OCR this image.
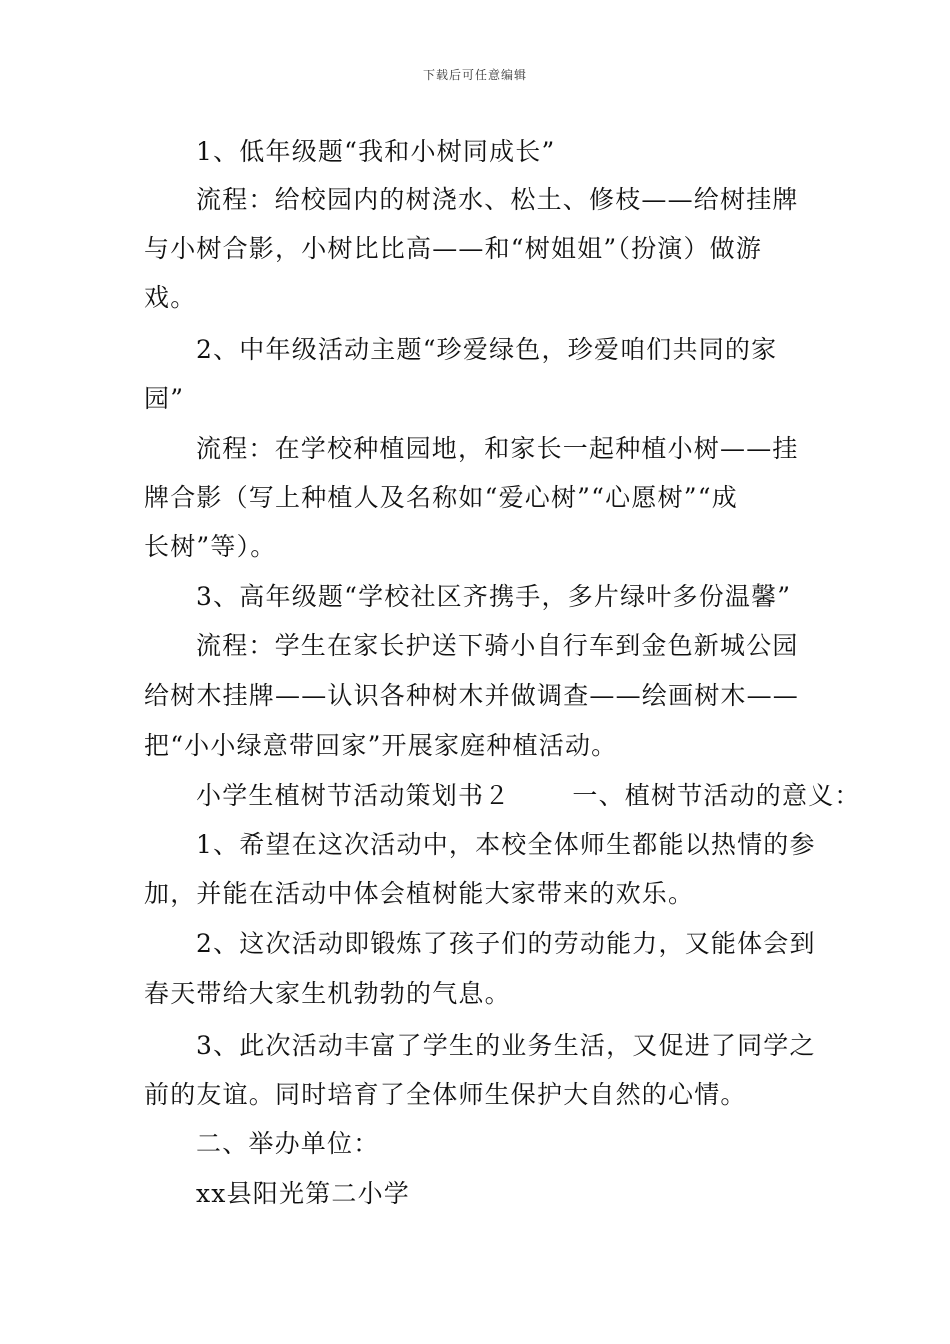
下载后可任意编辑
1、低年级题“我和小树同成长”
流程：给校园内的树浇水、松土、修枝——给树挂牌
与小树合影，小树比比高——和“树姐姐”（扮演）做游
戏。
2、中年级活动主题“珍爱绿色，珍爱咱们共同的家
园”
流程：在学校种植园地，和家长一起种植小树——挂
牌合影（写上种植人及名称如“爱心树”“心愿树”“成
长树”等）。
3、高年级题“学校社区齐携手，多片绿叶多份温馨”
流程：学生在家长护送下骑小自行车到金色新城公园
给树木挂牌——认识各种树木并做调查——绘画树木——
把“小小绿意带回家”开展家庭种植活动。
小学生植树节活动策划书２ 一、植树节活动的意义：
1、希望在这次活动中，本校全体师生都能以热情的参
加，并能在活动中体会植树能大家带来的欢乐。
2、这次活动即锻炼了孩子们的劳动能力，又能体会到
春天带给大家生机勃勃的气息。
3、此次活动丰富了学生的业务生活，又促进了同学之
前的友谊。同时培育了全体师生保护大自然的心情。
二、举办单位：
xx县阳光第二小学
